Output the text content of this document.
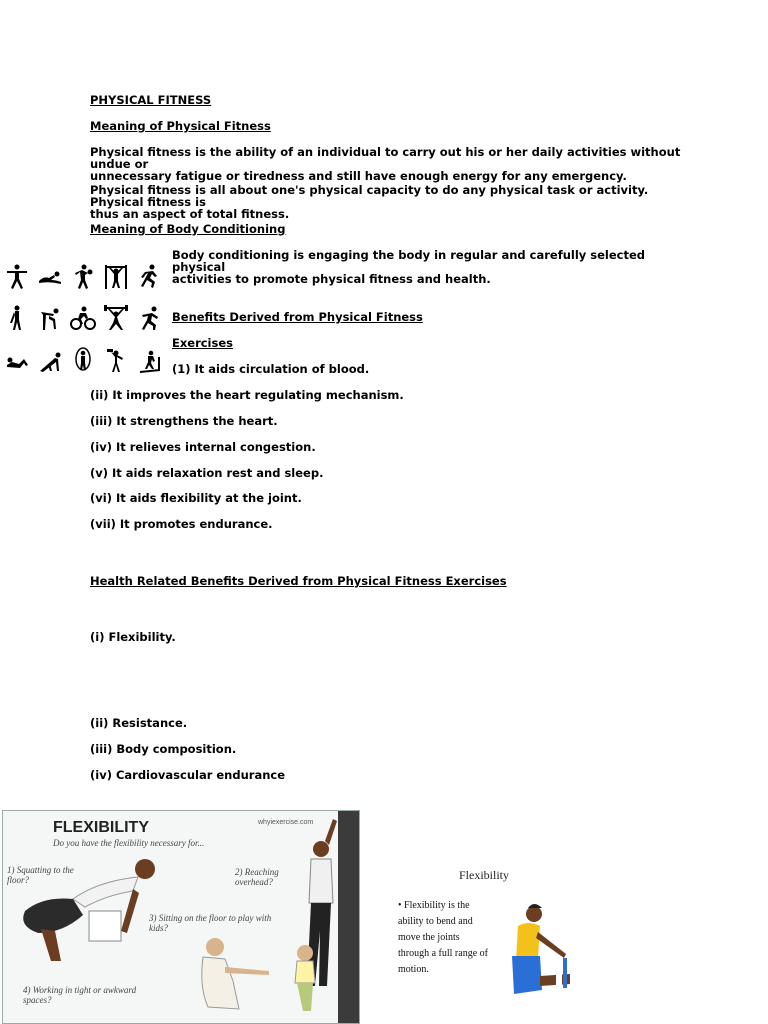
PHYSICAL FITNESS
Meaning of Physical Fitness
Physical fitness is the ability of an individual to carry out his or her daily activities without undue or
unnecessary fatigue or tiredness and still have enough energy for any emergency.
Physical fitness is all about one's physical capacity to do any physical task or activity. Physical fitness is
thus an aspect of total fitness.
Meaning of Body Conditioning
Body conditioning is engaging the body in regular and carefully selected physical
activities to promote physical fitness and health.
Benefits Derived from Physical Fitness
Exercises
(1) It aids circulation of blood.
(ii) It improves the heart regulating mechanism.
(iii) It strengthens the heart.
(iv) It relieves internal congestion.
(v) It aids relaxation rest and sleep.
(vi) It aids flexibility at the joint.
(vii) It promotes endurance.
Health Related Benefits Derived from Physical Fitness Exercises
(i) Flexibility.
(ii) Resistance.
(iii) Body composition.
(iv) Cardiovascular endurance
FLEXIBILITY
Do you have the flexibility necessary for...
whyiexercise.com
1) Squatting to the floor?
2) Reaching overhead?
3) Sitting on the floor to play with kids?
4) Working in tight or awkward spaces?
Flexibility
• Flexibility is the ability to bend and move the joints through a full range of motion.
